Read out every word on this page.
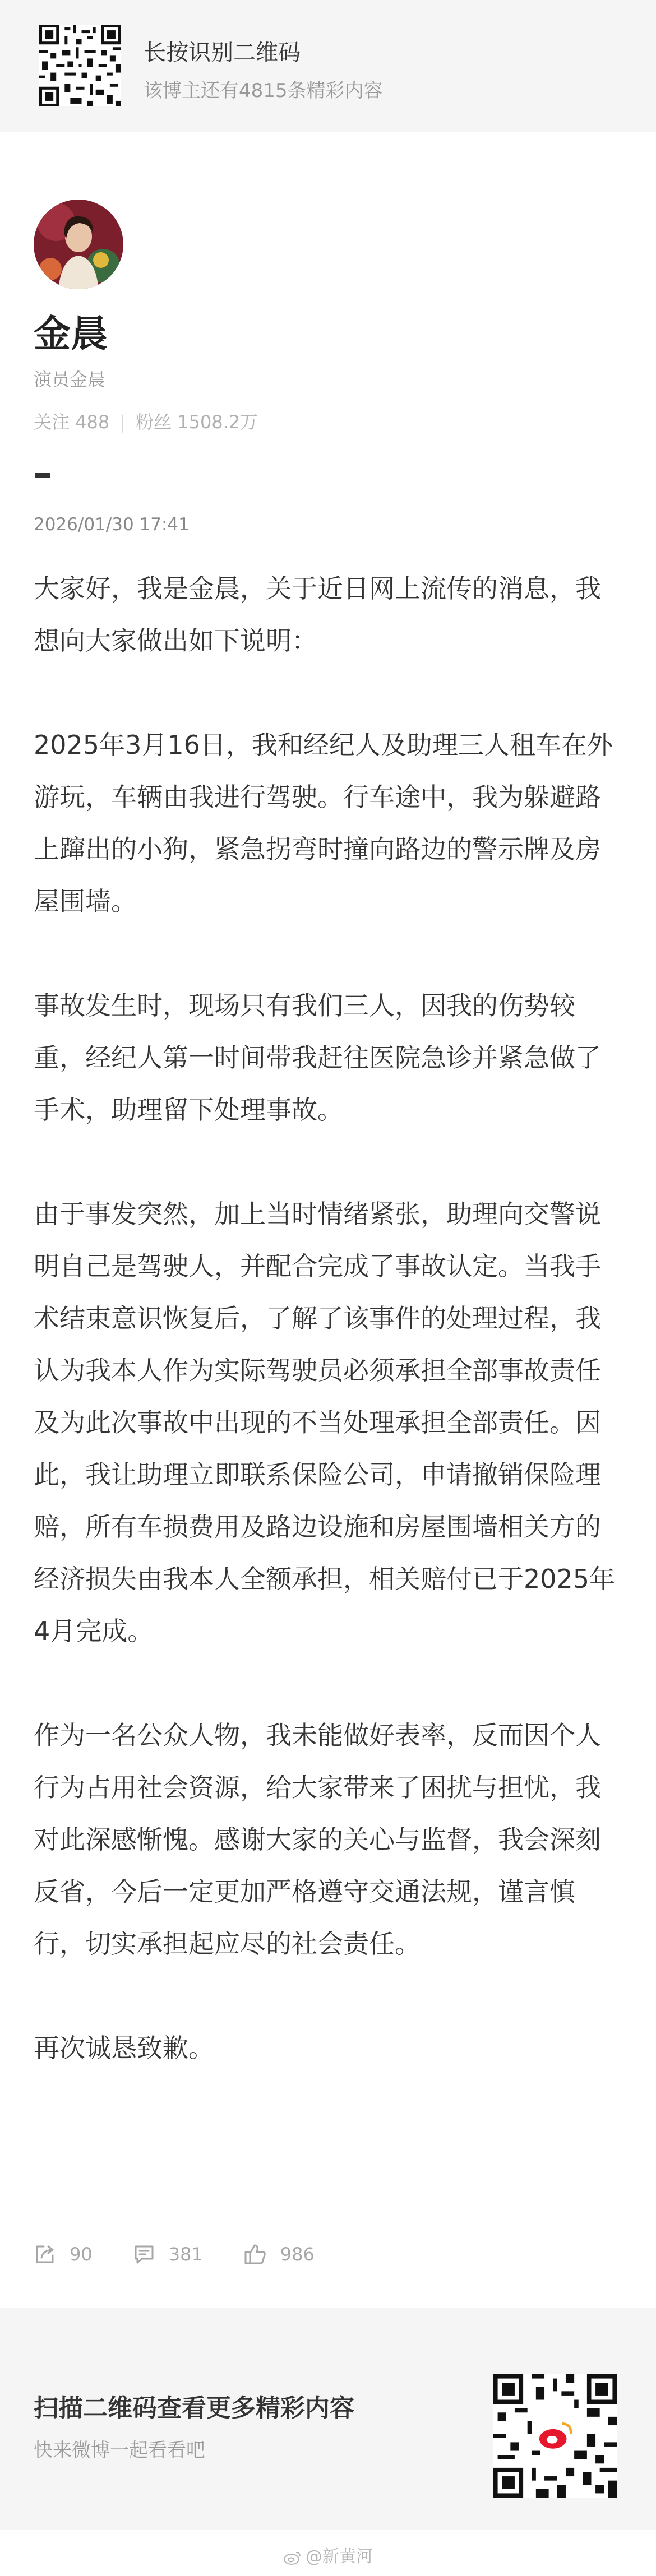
长按识别二维码
该博主还有4815条精彩内容
金晨
演员金晨
关注 488 | 粉丝 1508.2万
2026/01/30 17:41

大家好，我是金晨，关于近日网上流传的消息，我想向大家做出如下说明：

2025年3月16日，我和经纪人及助理三人租车在外游玩，车辆由我进行驾驶。行车途中，我为躲避路上蹿出的小狗，紧急拐弯时撞向路边的警示牌及房屋围墙。

事故发生时，现场只有我们三人，因我的伤势较重，经纪人第一时间带我赶往医院急诊并紧急做了手术，助理留下处理事故。

由于事发突然，加上当时情绪紧张，助理向交警说明自己是驾驶人，并配合完成了事故认定。当我手术结束意识恢复后，了解了该事件的处理过程，我认为我本人作为实际驾驶员必须承担全部事故责任及为此次事故中出现的不当处理承担全部责任。因此，我让助理立即联系保险公司，申请撤销保险理赔，所有车损费用及路边设施和房屋围墙相关方的经济损失由我本人全额承担，相关赔付已于2025年4月完成。

作为一名公众人物，我未能做好表率，反而因个人行为占用社会资源，给大家带来了困扰与担忧，我对此深感惭愧。感谢大家的关心与监督，我会深刻反省，今后一定更加严格遵守交通法规，谨言慎行，切实承担起应尽的社会责任。

再次诚恳致歉。

90	381	986
扫描二维码查看更多精彩内容
快来微博一起看看吧
@新黄河
